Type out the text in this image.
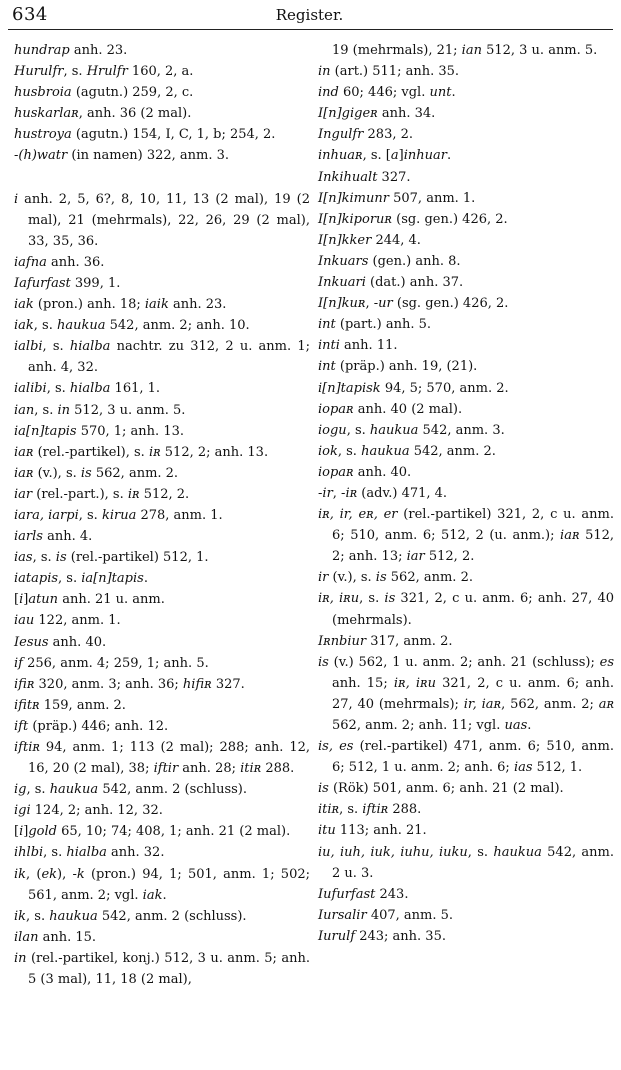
634	Register.

hundrap anh. 23.

Hurulfr, s. Hrulfr 160, 2, a.

husbroia (agutn.) 259, 2, c.

huskarlaʀ, anh. 36 (2 mal).

hustroya (agutn.) 154, I, C, 1, b; 254, 2.

-(h)watr (in namen) 322, anm. 3.

i anh. 2, 5, 6?, 8, 10, 11, 13 (2 mal), 19 (2 mal), 21 (mehrmals), 22, 26, 29 (2 mal), 33, 35, 36.

iafna anh. 36.

Iafurfast 399, 1.

iak (pron.) anh. 18; iaik anh. 23.

iak, s. haukua 542, anm. 2; anh. 10.

ialbi, s. hialba nachtr. zu 312, 2 u. anm. 1; anh. 4, 32.

ialibi, s. hialba 161, 1.

ian, s. in 512, 3 u. anm. 5.

ia[n]tapis 570, 1; anh. 13.

iaʀ (rel.-partikel), s. iʀ 512, 2; anh. 13.

iaʀ (v.), s. is 562, anm. 2.

iar (rel.-part.), s. iʀ 512, 2.

iara, iarpi, s. kirua 278, anm. 1.

iarls anh. 4.

ias, s. is (rel.-partikel) 512, 1.

iatapis, s. ia[n]tapis.

[i]atun anh. 21 u. anm.

iau 122, anm. 1.

Iesus anh. 40.

if 256, anm. 4; 259, 1; anh. 5.

ifiʀ 320, anm. 3; anh. 36; hifiʀ 327.

ifitʀ 159, anm. 2.

ift (präp.) 446; anh. 12.

iftiʀ 94, anm. 1; 113 (2 mal); 288; anh. 12, 16, 20 (2 mal), 38; iftir anh. 28; itiʀ 288.

ig, s. haukua 542, anm. 2 (schluss).

igi 124, 2; anh. 12, 32.

[i]gold 65, 10; 74; 408, 1; anh. 21 (2 mal).

ihlbi, s. hialba anh. 32.

ik, (ek), -k (pron.) 94, 1; 501, anm. 1; 502; 561, anm. 2; vgl. iak.

ik, s. haukua 542, anm. 2 (schluss).

ilan anh. 15.

in (rel.-partikel, konj.) 512, 3 u. anm. 5; anh. 5 (3 mal), 11, 18 (2 mal),

19 (mehrmals), 21; ian 512, 3 u. anm. 5.

in (art.) 511; anh. 35.

ind 60; 446; vgl. unt.

I[n]gigeʀ anh. 34.

Ingulfr 283, 2.

inhuaʀ, s. [a]inhuar.

Inkihualt 327.

I[n]kimunr 507, anm. 1.

I[n]kiporuʀ (sg. gen.) 426, 2.

I[n]kker 244, 4.

Inkuars (gen.) anh. 8.

Inkuari (dat.) anh. 37.

I[n]kuʀ, -ur (sg. gen.) 426, 2.

int (part.) anh. 5.

inti anh. 11.

int (präp.) anh. 19, (21).

i[n]tapisk 94, 5; 570, anm. 2.

iopaʀ anh. 40 (2 mal).

iogu, s. haukua 542, anm. 3.

iok, s. haukua 542, anm. 2.

iopaʀ anh. 40.

-ir, -iʀ (adv.) 471, 4.

iʀ, ir, eʀ, er (rel.-partikel) 321, 2, c u. anm. 6; 510, anm. 6; 512, 2 (u. anm.); iaʀ 512, 2; anh. 13; iar 512, 2.

ir (v.), s. is 562, anm. 2.

iʀ, iʀu, s. is 321, 2, c u. anm. 6; anh. 27, 40 (mehrmals).

Iʀnbiur 317, anm. 2.

is (v.) 562, 1 u. anm. 2; anh. 21 (schluss); es anh. 15; iʀ, iʀu 321, 2, c u. anm. 6; anh. 27, 40 (mehrmals); ir, iaʀ, 562, anm. 2; aʀ 562, anm. 2; anh. 11; vgl. uas.

is, es (rel.-partikel) 471, anm. 6; 510, anm. 6; 512, 1 u. anm. 2; anh. 6; ias 512, 1.

is (Rök) 501, anm. 6; anh. 21 (2 mal).

itiʀ, s. iftiʀ 288.

itu 113; anh. 21.

iu, iuh, iuk, iuhu, iuku, s. haukua 542, anm. 2 u. 3.

Iufurfast 243.

Iursalir 407, anm. 5.

Iurulf 243; anh. 35.
